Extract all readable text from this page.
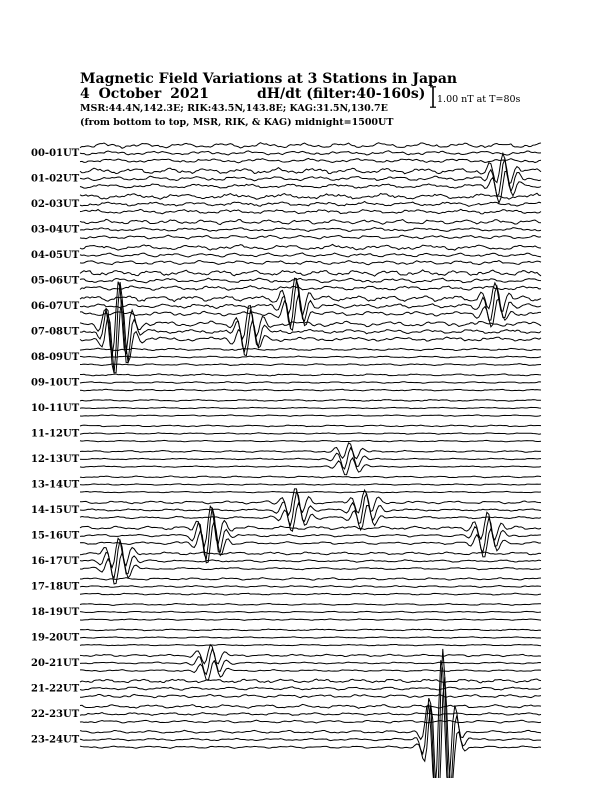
Magnetic Field Variations at 3 Stations in Japan

4 October 2021	dH/dt (filter:40-160s)

MSR:44.4N,142.3E; RIK:43.5N,143.8E; KAG:31.5N,130.7E

(from bottom to top, MSR, RIK, & KAG) midnight=1500UT

1.00 nT at T=80s

00-01UT
01-02UT
02-03UT
03-04UT
04-05UT
05-06UT
06-07UT
07-08UT
08-09UT
09-10UT
10-11UT
11-12UT
12-13UT
13-14UT
14-15UT
15-16UT
16-17UT
17-18UT
18-19UT
19-20UT
20-21UT
21-22UT
22-23UT
23-24UT
